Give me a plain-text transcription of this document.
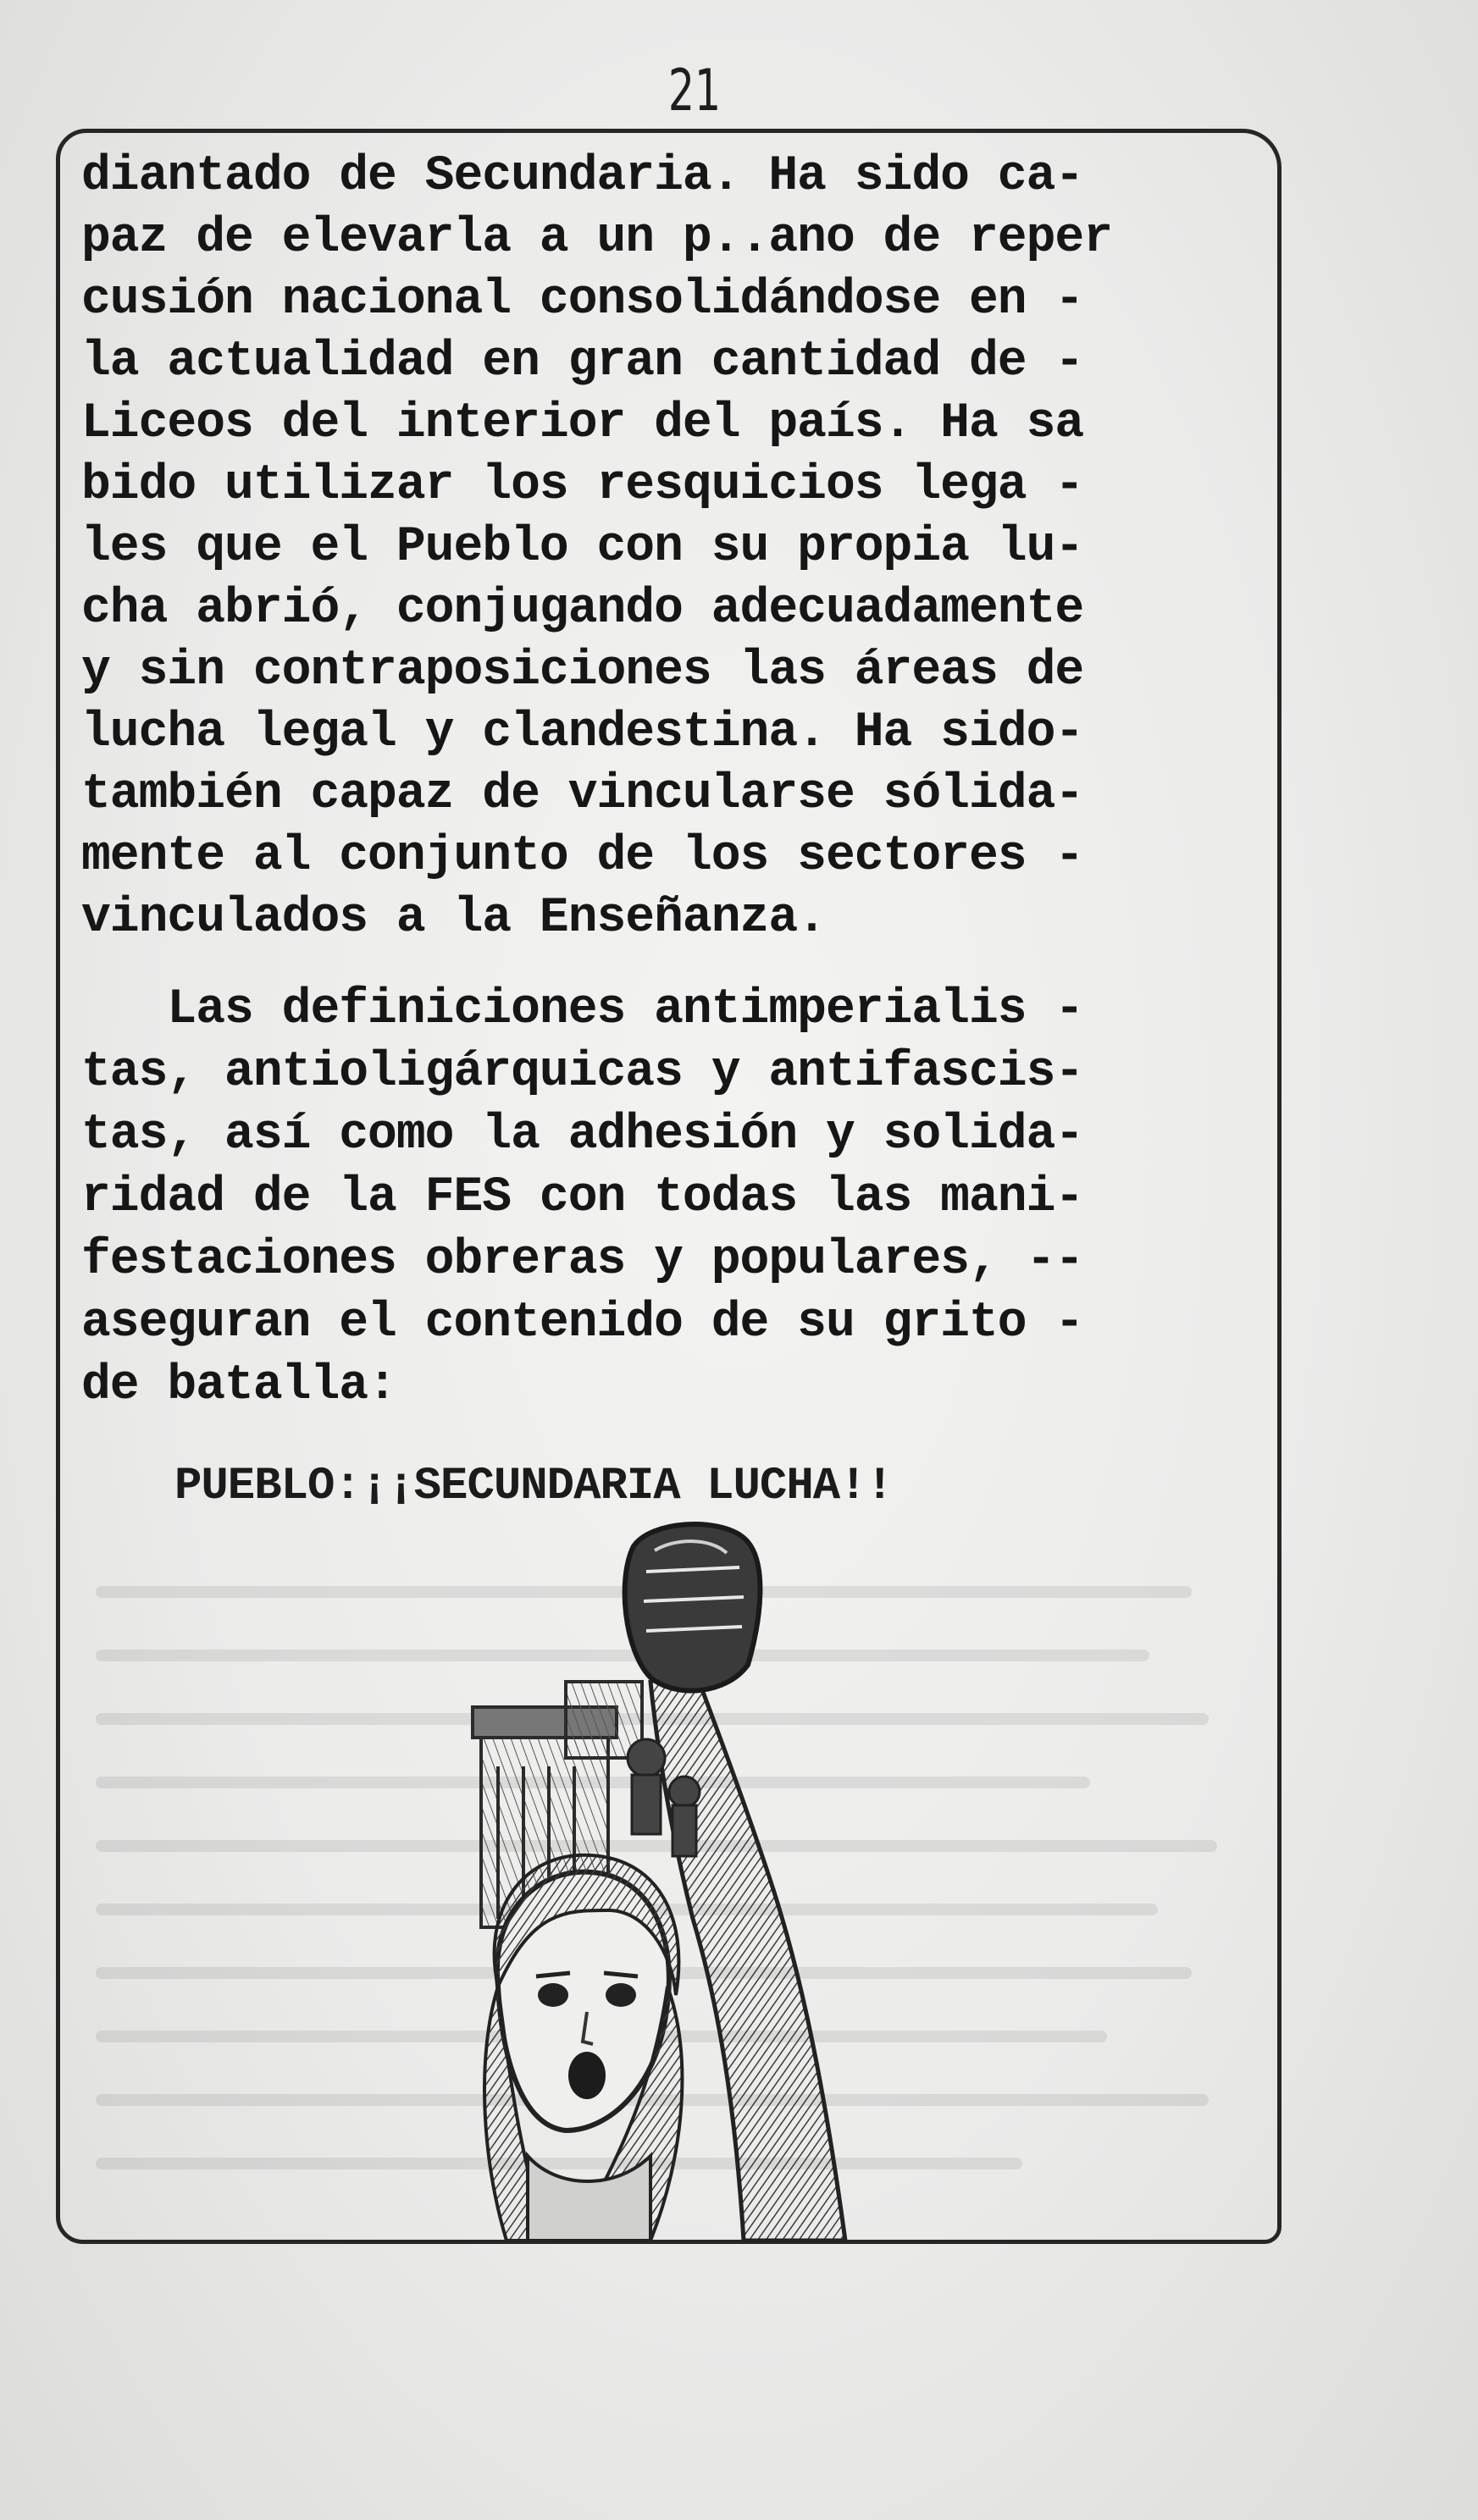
21
diantado de Secundaria. Ha sido ca-
paz de elevarla a un p..ano de reper
cusión nacional consolidándose en -
la actualidad en gran cantidad de -
Liceos del interior del país. Ha sa
bido utilizar los resquicios lega -
les que el Pueblo con su propia lu-
cha abrió, conjugando adecuadamente
y sin contraposiciones las áreas de
lucha legal y clandestina. Ha sido-
también capaz de vincularse sólida-
mente al conjunto de los sectores -
vinculados a la Enseñanza.
Las definiciones antimperialis -
tas, antioligárquicas y antifascis-
tas, así como la adhesión y solida-
ridad de la FES con todas las mani-
festaciones obreras y populares, --
aseguran el contenido de su grito -
de batalla:
PUEBLO:¡¡SECUNDARIA LUCHA!!
